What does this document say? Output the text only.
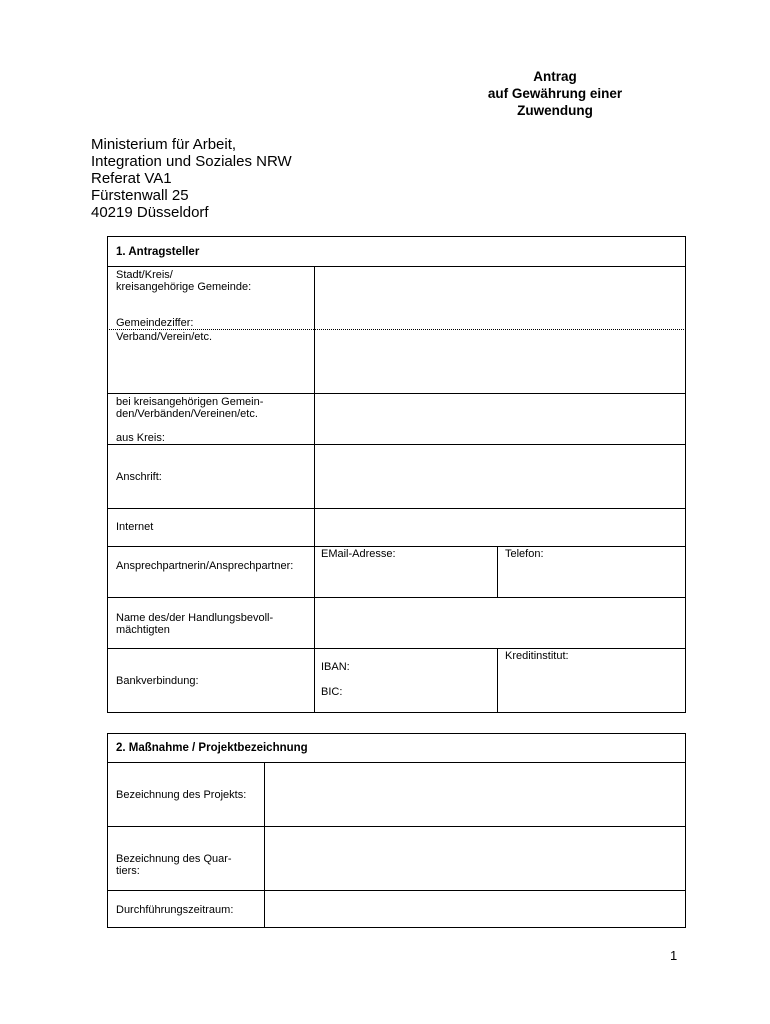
Antrag
auf Gewährung einer
Zuwendung
Ministerium für Arbeit,
Integration und Soziales NRW
Referat VA1
Fürstenwall 25
40219 Düsseldorf
1. Antragsteller
Stadt/Kreis/
kreisangehörige Gemeinde:
Gemeindeziffer:
Verband/Verein/etc.
bei kreisangehörigen Gemein-
den/Verbänden/Vereinen/etc.
aus Kreis:
Anschrift:
Internet
Ansprechpartnerin/Ansprechpartner:
EMail-Adresse:	Telefon:
Name des/der Handlungsbevoll-
mächtigten
Kreditinstitut:
Bankverbindung:
IBAN:
BIC:
2. Maßnahme / Projektbezeichnung
Bezeichnung des Projekts:
Bezeichnung des Quar-
tiers:
Durchführungszeitraum:
1
